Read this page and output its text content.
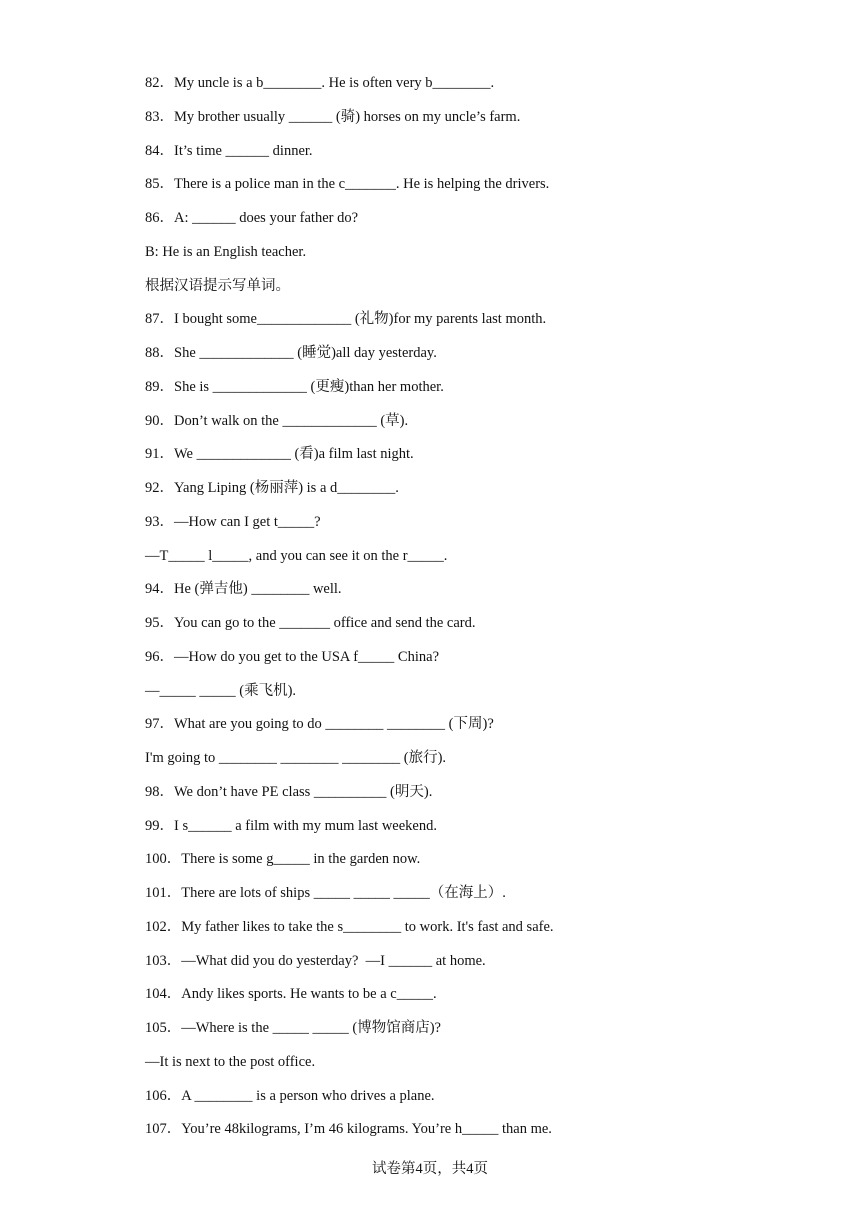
82．My uncle is a b________. He is often very b________.
83．My brother usually ______ (骑) horses on my uncle’s farm.
84．It’s time ______ dinner.
85．There is a police man in the c_______. He is helping the drivers.
86．A: ______ does your father do?
B: He is an English teacher.
根据汉语提示写单词。
87．I bought some_____________ (礼物)for my parents last month.
88．She _____________ (睡觉)all day yesterday.
89．She is _____________ (更瘦)than her mother.
90．Don’t walk on the _____________ (草).
91．We _____________ (看)a film last night.
92．Yang Liping (杨丽萍) is a d________.
93．—How can I get t_____?
—T_____ l_____, and you can see it on the r_____.
94．He (弹吉他) ________ well.
95．You can go to the _______ office and send the card.
96．—How do you get to the USA f_____ China?
—_____ _____ (乘飞机).
97．What are you going to do ________ ________ (下周)?
I'm going to ________ ________ ________ (旅行).
98．We don’t have PE class __________ (明天).
99．I s______ a film with my mum last weekend.
100．There is some g_____ in the garden now.
101．There are lots of ships _____ _____ _____（在海上）.
102．My father likes to take the s________ to work. It's fast and safe.
103．—What did you do yesterday?  —I ______ at home.
104．Andy likes sports. He wants to be a c_____.
105．—Where is the _____ _____ (博物馆商店)?
—It is next to the post office.
106．A ________ is a person who drives a plane.
107．You’re 48kilograms, I’m 46 kilograms. You’re h_____ than me.
试卷第4页，共4页
